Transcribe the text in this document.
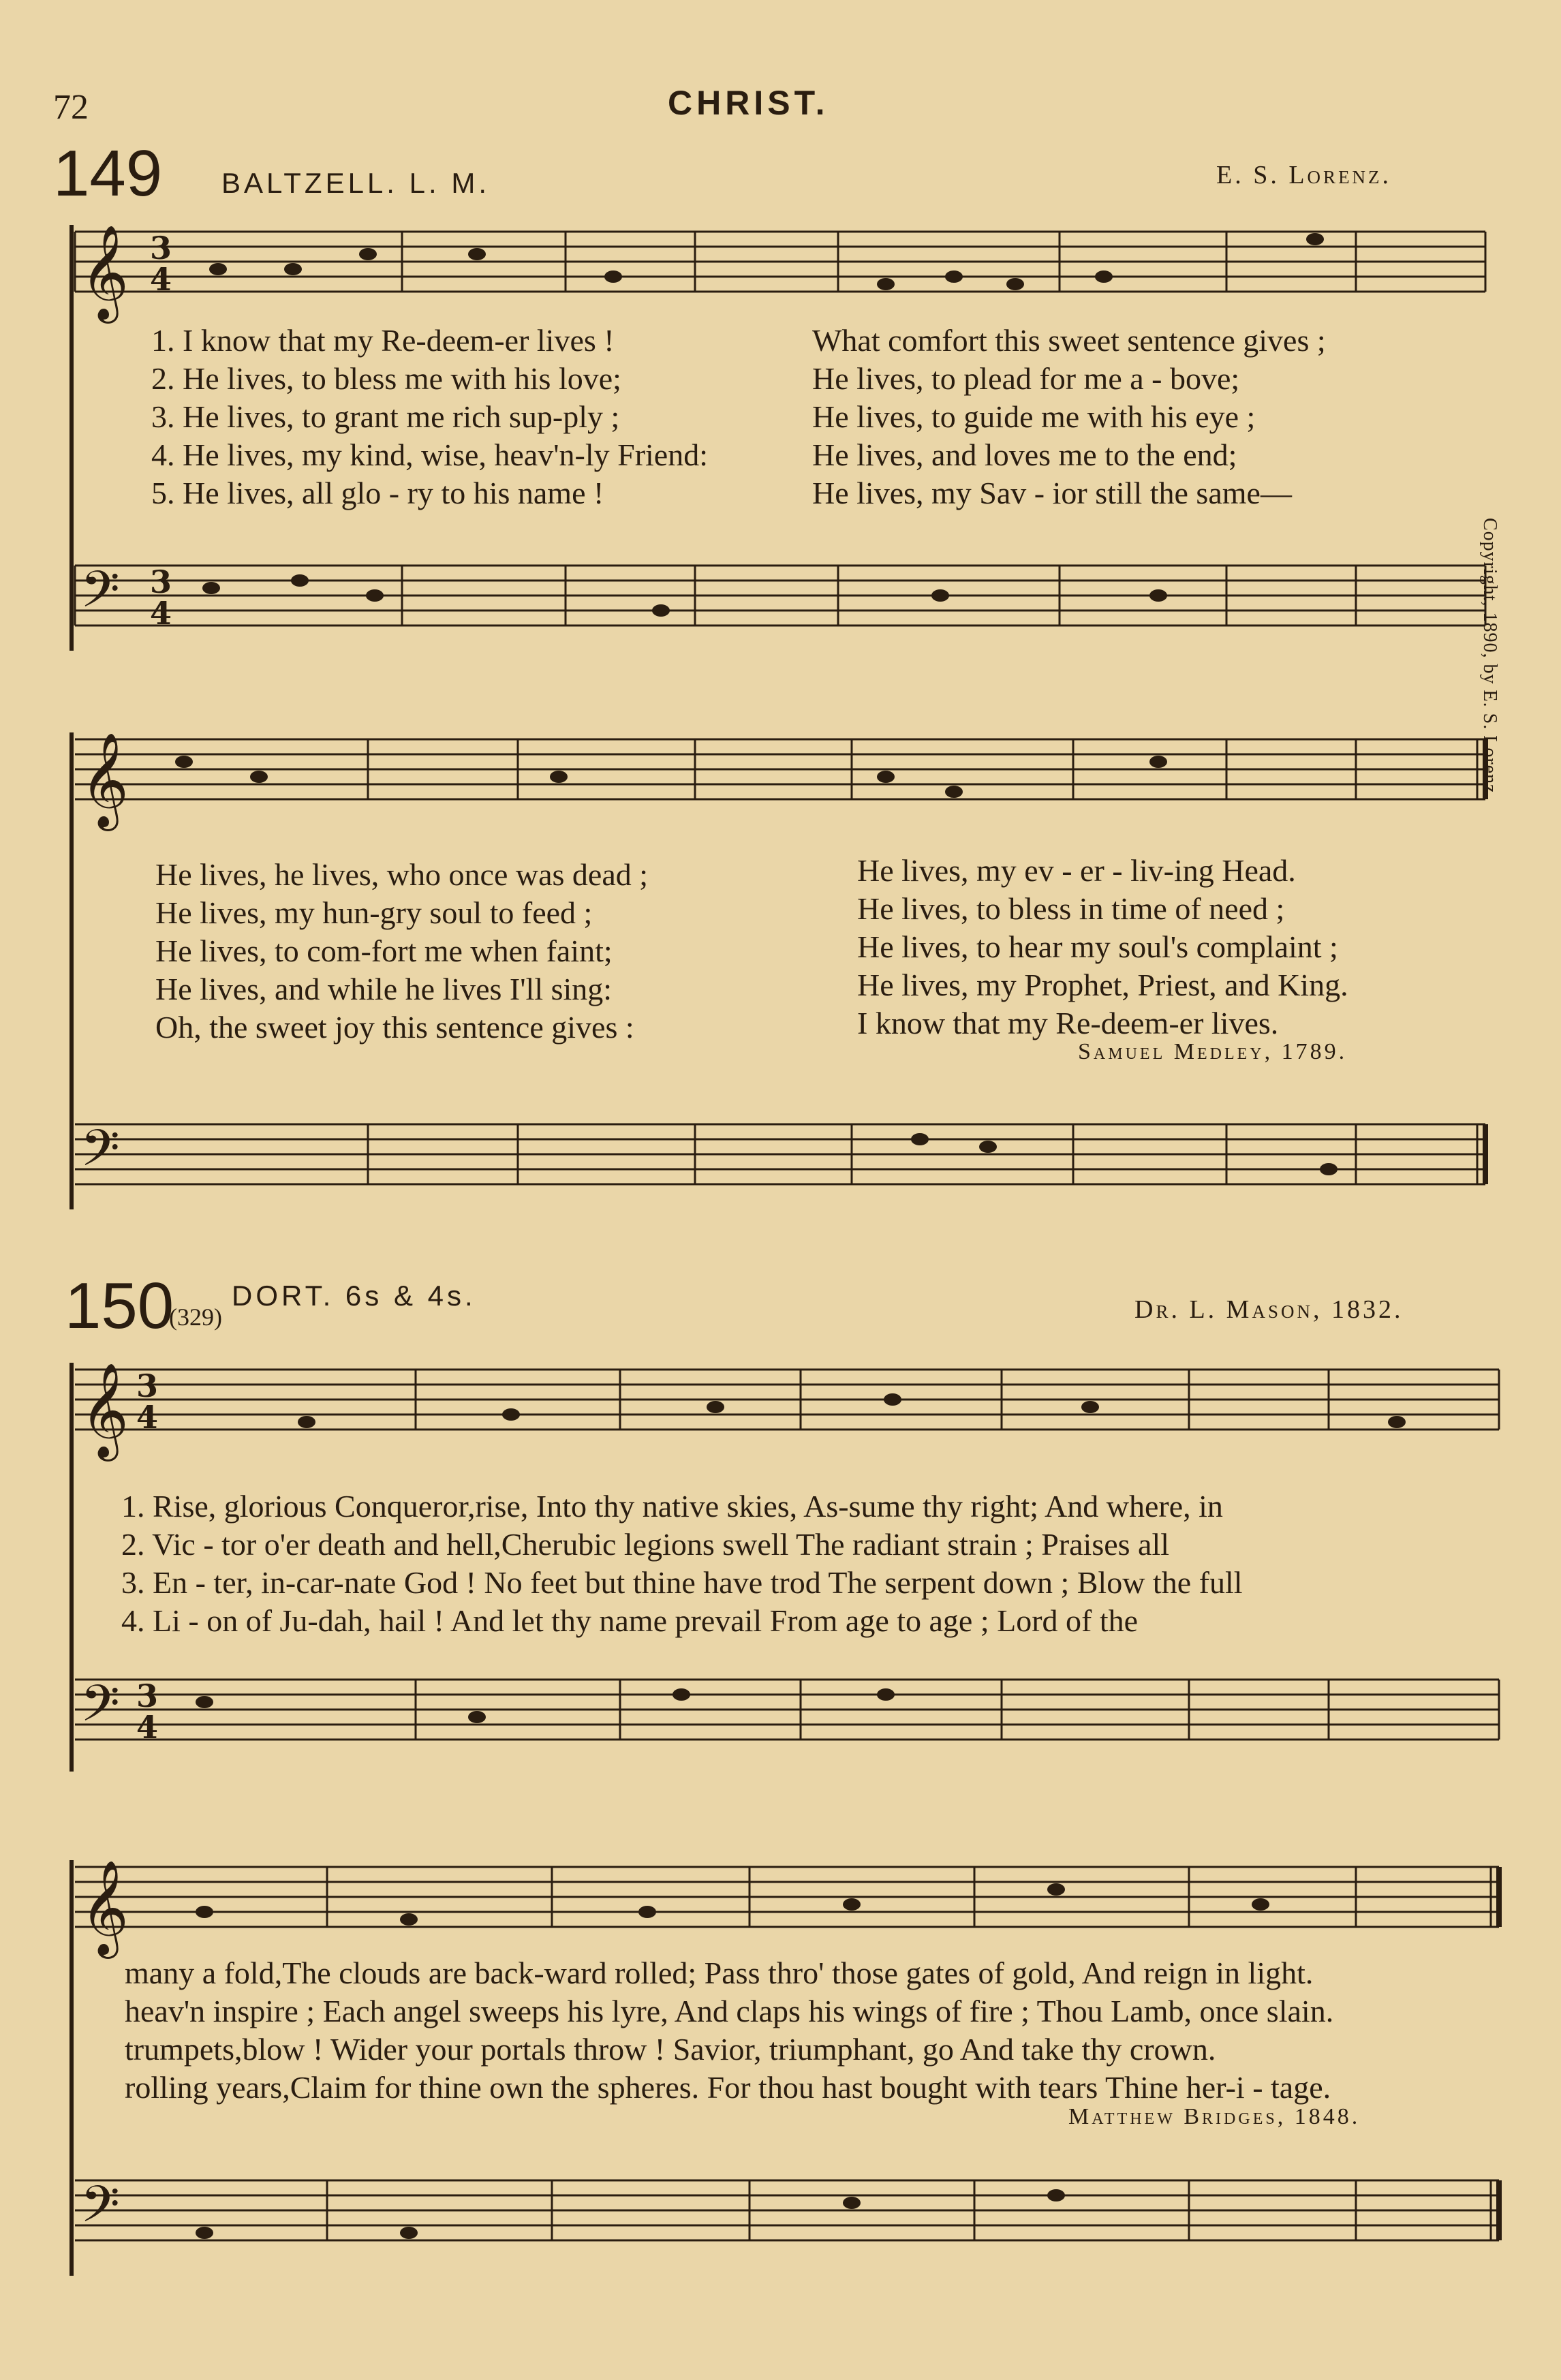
𝄞
𝄢
𝄞
𝄢
𝄞
𝄢
𝄞
𝄢
3
4
3
4
3
4
3
4
72	CHRIST.
149 BALTZELL. L. M.	E. S. Lorenz.
1. I know that my Re-deem-er lives !
2. He lives, to bless me with his love;
3. He lives, to grant me rich sup-ply ;
4. He lives, my kind, wise, heav'n-ly Friend:
5. He lives, all glo - ry to his name !
What comfort this sweet sentence gives ;
He lives, to plead for me a - bove;
He lives, to guide me with his eye ;
He lives, and loves me to the end;
He lives, my Sav - ior still the same—
He lives, he lives, who once was dead ;
He lives, my hun-gry soul to feed ;
He lives, to com-fort me when faint;
He lives, and while he lives I'll sing:
Oh, the sweet joy this sentence gives :
He lives, my ev - er - liv-ing Head.
He lives, to bless in time of need ;
He lives, to hear my soul's complaint ;
He lives, my Prophet, Priest, and King.
I know that my Re-deem-er lives.
Samuel Medley, 1789.
Copyright, 1890, by E. S. Lorenz.
150
(329)
DORT. 6s & 4s.	Dr. L. Mason, 1832.
1. Rise, glorious Conqueror,rise, Into thy native skies, As-sume thy right; And where, in
2. Vic - tor o'er death and hell,Cherubic legions swell The radiant strain ; Praises all
3. En - ter, in-car-nate God ! No feet but thine have trod The serpent down ; Blow the full
4. Li - on of Ju-dah, hail ! And let thy name prevail From age to age ; Lord of the
many a fold,The clouds are back-ward rolled; Pass thro' those gates of gold, And reign in light.
heav'n inspire ; Each angel sweeps his lyre, And claps his wings of fire ; Thou Lamb, once slain.
trumpets,blow ! Wider your portals throw ! Savior, triumphant, go And take thy crown.
rolling years,Claim for thine own the spheres. For thou hast bought with tears Thine her-i - tage.
Matthew Bridges, 1848.
